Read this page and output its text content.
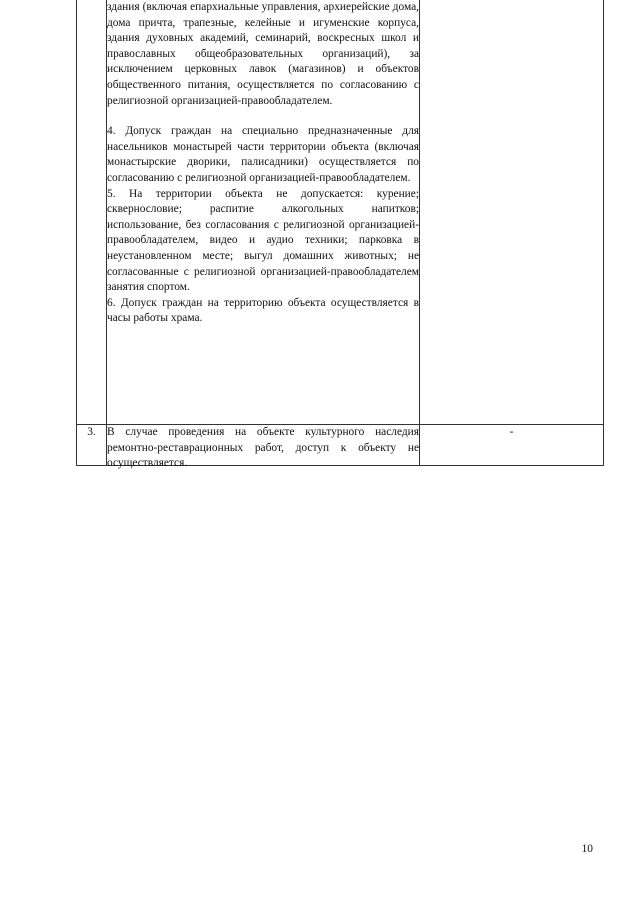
	здания (включая епархиальные управления, архиерейские дома, дома причта, трапезные, келейные и игуменские корпуса, здания духовных академий, семинарий, воскресных школ и православных общеобразовательных организаций), за исключением церковных лавок (магазинов) и объектов общественного питания, осуществляется по согласованию с религиозной организацией-правообладателем.

4. Допуск граждан на специально предназначенные для насельников монастырей части территории объекта (включая монастырские дворики, палисадники) осуществляется по согласованию с религиозной организацией-правообладателем.

5. На территории объекта не допускается: курение; сквернословие; распитие алкогольных напитков; использование, без согласования с религиозной организацией-правообладателем, видео и аудио техники; парковка в неустановленном месте; выгул домашних животных; не согласованные с религиозной организацией-правообладателем занятия спортом.

6. Допуск граждан на территорию объекта осуществляется в часы работы храма.	

3.	В случае проведения на объекте культурного наследия ремонтно-реставрационных работ, доступ к объекту не осуществляется.	-
10
